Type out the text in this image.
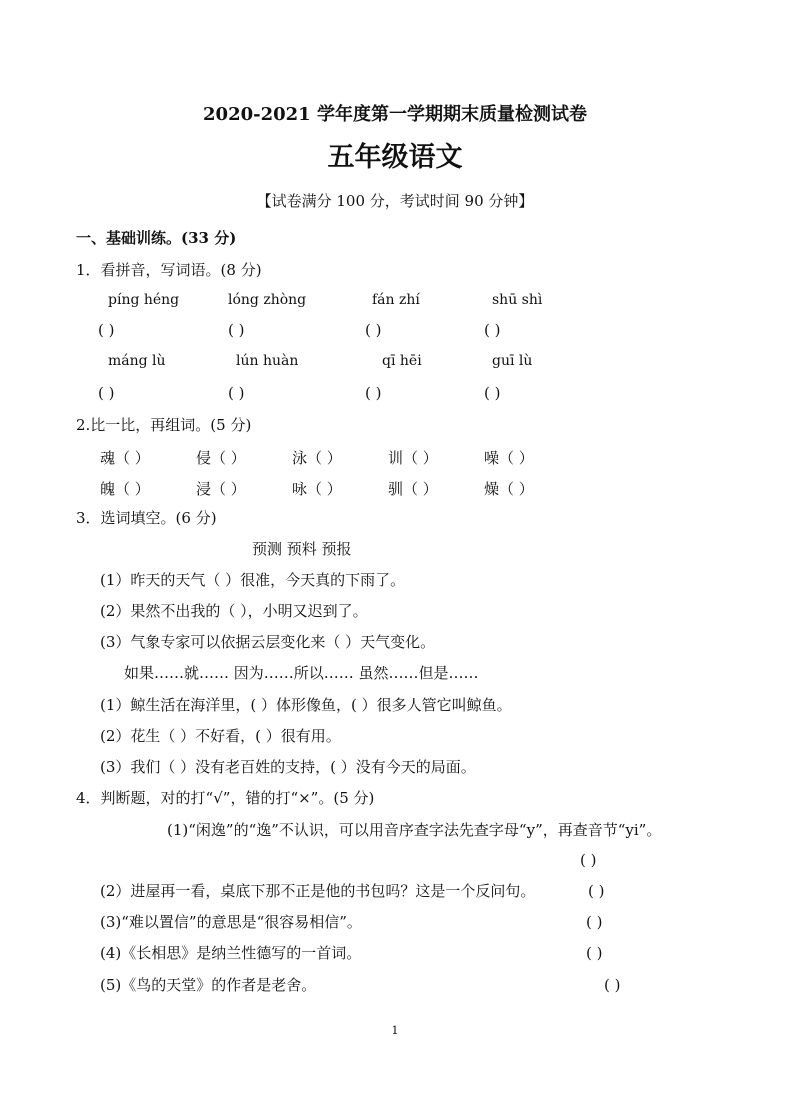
2020-2021 学年度第一学期期末质量检测试卷
五年级语文
【试卷满分 100 分，考试时间 90 分钟】
一、基础训练。(33 分)
1．看拼音，写词语。(8 分)
píng héng	lóng zhòng	fán zhí	shū shì
( )	( )	( )	( )
máng lù	lún huàn	qī hēi	guī lù
( )	( )	( )	( )
2.比一比，再组词。(5 分)
魂（ ）	侵（ ）	泳（ ）	训（ ）	噪（ ）
魄（ ）	浸（ ）	咏（ ）	驯（ ）	燥（ ）
3．选词填空。(6 分)
预测 预料 预报
(1）昨天的天气（ ）很准，今天真的下雨了。
(2）果然不出我的（ ），小明又迟到了。
(3）气象专家可以依据云层变化来（ ）天气变化。
如果……就…… 因为……所以…… 虽然……但是……
(1）鲸生活在海洋里，( ）体形像鱼，( ）很多人管它叫鲸鱼。
(2）花生（ ）不好看，( ）很有用。
(3）我们（ ）没有老百姓的支持，( ）没有今天的局面。
4．判断题，对的打“√”，错的打“×”。(5 分)
(1)“闲逸”的“逸”不认识，可以用音序查字法先查字母“y”，再查音节“yi”。
( )
(2）进屋再一看，桌底下那不正是他的书包吗？这是一个反问句。	( )
(3)“难以置信”的意思是“很容易相信”。	( )
(4)《长相思》是纳兰性德写的一首词。	( )
(5)《鸟的天堂》的作者是老舍。	( )
1
